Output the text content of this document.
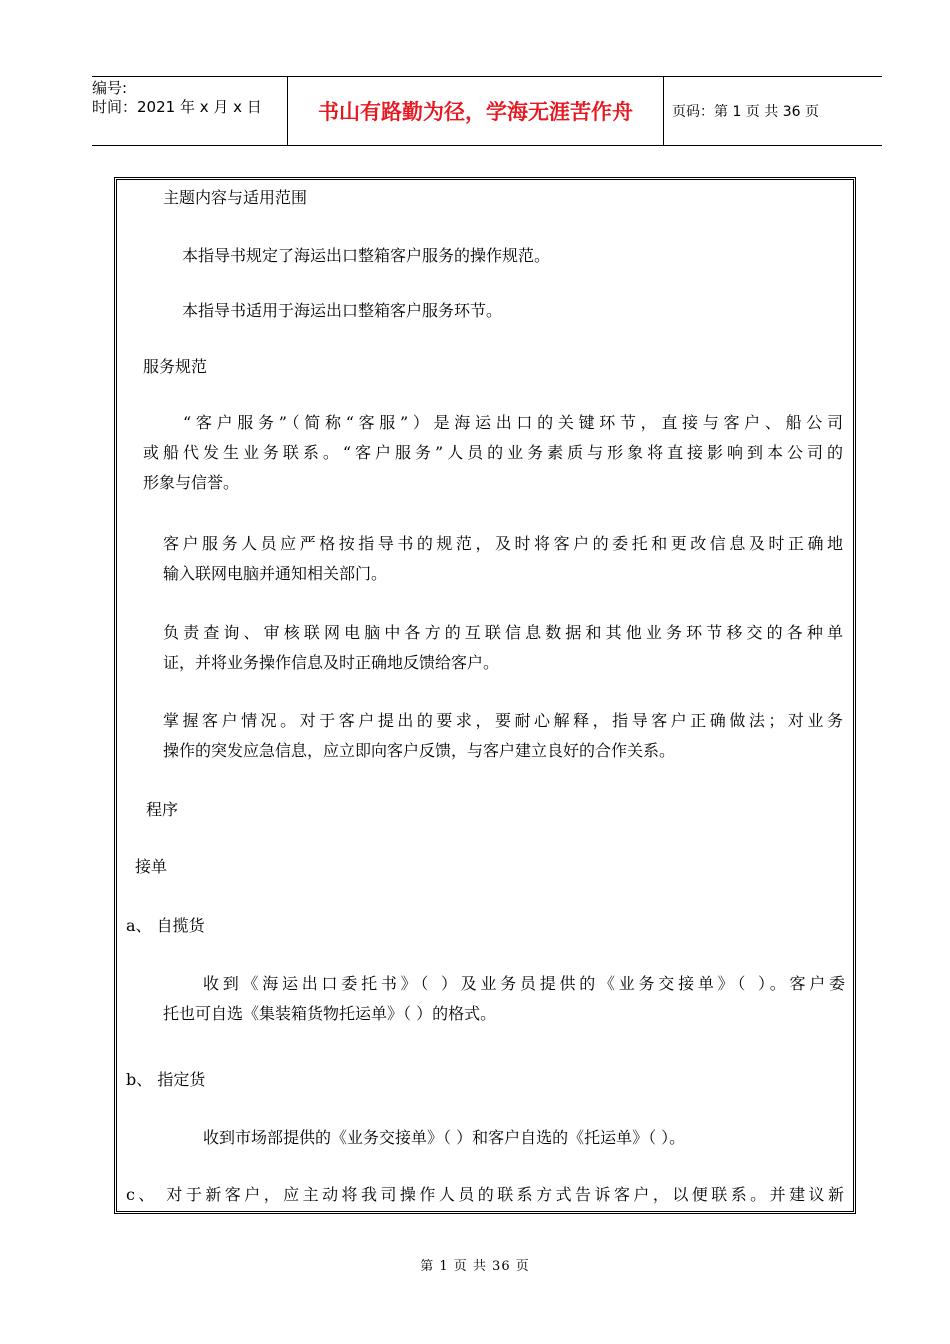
编号:
时间：2021 年 x 月 x 日	书山有路勤为径，学海无涯苦作舟	页码：第 1 页 共 36 页
主题内容与适用范围
本指导书规定了海运出口整箱客户服务的操作规范。
本指导书适用于海运出口整箱客户服务环节。
服务规范
“客户服务”（简称“客服”）是海运出口的关键环节，直接与客户、船公司
或船代发生业务联系。“客户服务”人员的业务素质与形象将直接影响到本公司的
形象与信誉。
客户服务人员应严格按指导书的规范，及时将客户的委托和更改信息及时正确地
输入联网电脑并通知相关部门。
负责查询、审核联网电脑中各方的互联信息数据和其他业务环节移交的各种单
证，并将业务操作信息及时正确地反馈给客户。
掌握客户情况。对于客户提出的要求，要耐心解释，指导客户正确做法；对业务
操作的突发应急信息，应立即向客户反馈，与客户建立良好的合作关系。
程序
接单
a、 自揽货
收到《海运出口委托书》（ ）及业务员提供的《业务交接单》（ ）。客户委
托也可自选《集装箱货物托运单》（ ）的格式。
b、 指定货
收到市场部提供的《业务交接单》（ ）和客户自选的《托运单》（ ）。
c、 对于新客户，应主动将我司操作人员的联系方式告诉客户，以便联系。并建议新
第 1 页 共 36 页
